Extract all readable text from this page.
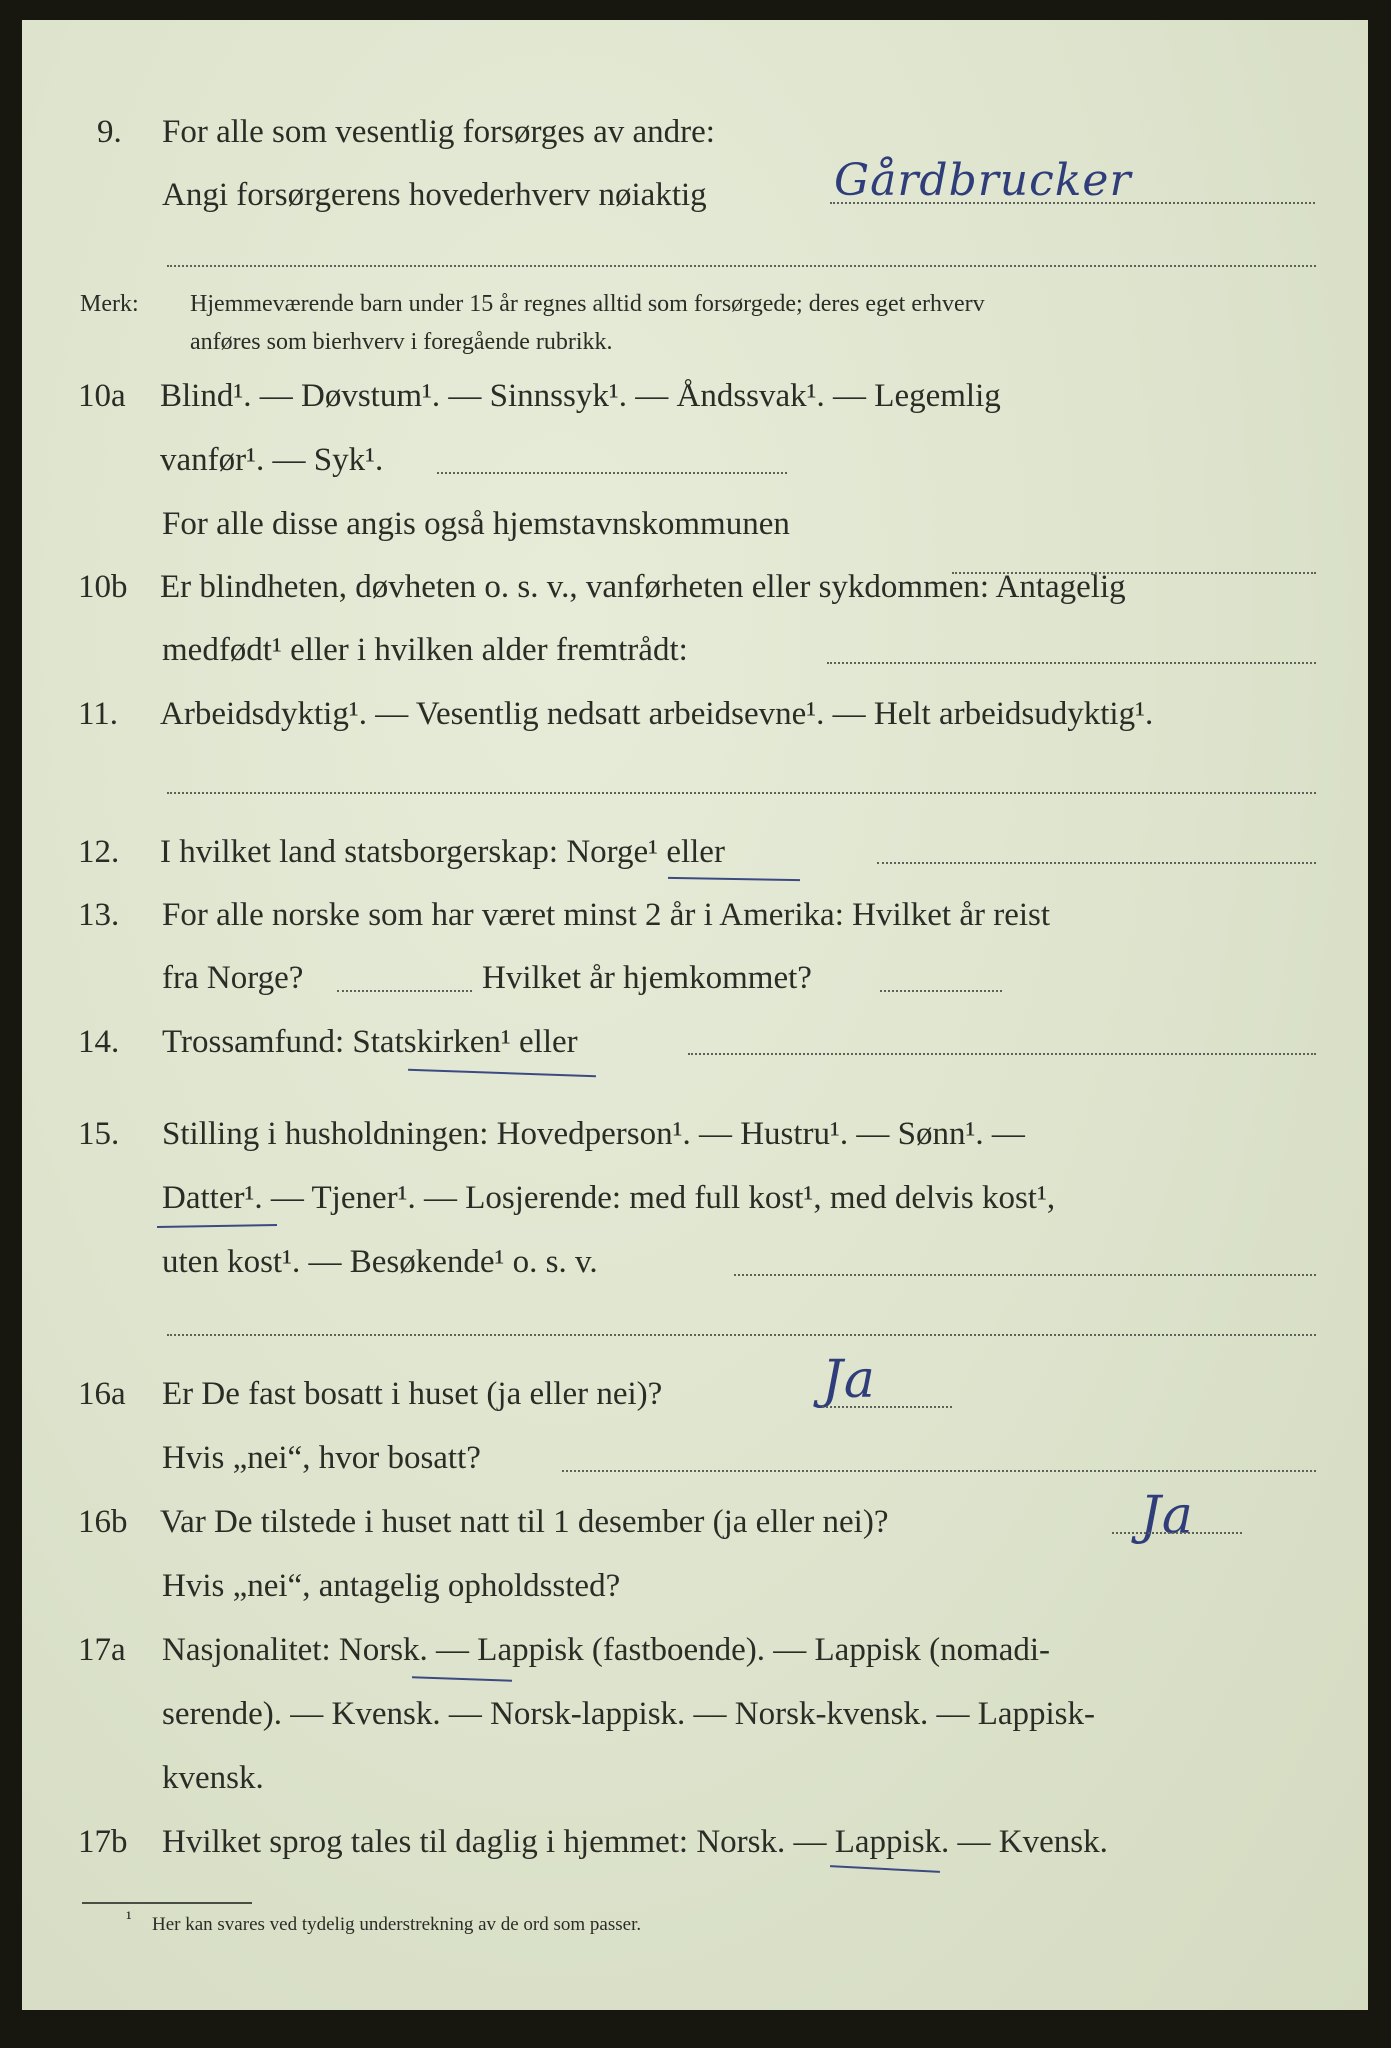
9. For alle som vesentlig forsørges av andre:
Angi forsørgerens hovederhverv nøiaktig	Gårdbrucker
Merk: Hjemmeværende barn under 15 år regnes alltid som forsørgede; deres eget erhverv
anføres som bierhverv i foregående rubrikk.
10a Blind¹. — Døvstum¹. — Sinnssyk¹. — Åndssvak¹. — Legemlig
vanfør¹. — Syk¹.
For alle disse angis også hjemstavnskommunen
10b Er blindheten, døvheten o. s. v., vanførheten eller sykdommen: Antagelig
medfødt¹ eller i hvilken alder fremtrådt:
11. Arbeidsdyktig¹. — Vesentlig nedsatt arbeidsevne¹. — Helt arbeidsudyktig¹.
12. I hvilket land statsborgerskap: Norge¹ eller
13. For alle norske som har været minst 2 år i Amerika: Hvilket år reist
fra Norge?	Hvilket år hjemkommet?
14. Trossamfund: Statskirken¹ eller
15. Stilling i husholdningen: Hovedperson¹. — Hustru¹. — Sønn¹. —
Datter¹. — Tjener¹. — Losjerende: med full kost¹, med delvis kost¹,
uten kost¹. — Besøkende¹ o. s. v.
16a Er De fast bosatt i huset (ja eller nei)?	Ja
Hvis „nei“, hvor bosatt?
16b Var De tilstede i huset natt til 1 desember (ja eller nei)?	Ja
Hvis „nei“, antagelig opholdssted?
17a Nasjonalitet: Norsk. — Lappisk (fastboende). — Lappisk (nomadi-
serende). — Kvensk. — Norsk-lappisk. — Norsk-kvensk. — Lappisk-
kvensk.
17b Hvilket sprog tales til daglig i hjemmet: Norsk. — Lappisk. — Kvensk.
¹ Her kan svares ved tydelig understrekning av de ord som passer.
